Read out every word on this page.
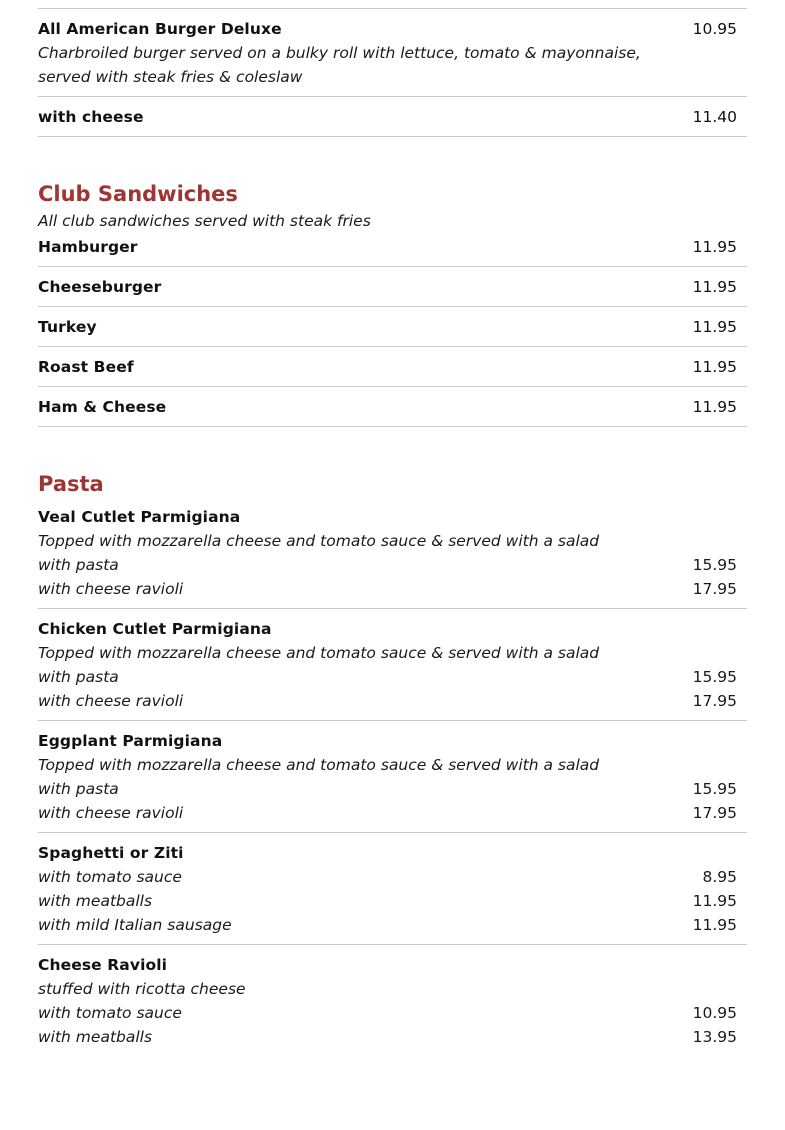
All American Burger Deluxe	10.95
Charbroiled burger served on a bulky roll with lettuce, tomato & mayonnaise, served with steak fries & coleslaw
with cheese	11.40
Club Sandwiches
All club sandwiches served with steak fries
Hamburger	11.95
Cheeseburger	11.95
Turkey	11.95
Roast Beef	11.95
Ham & Cheese	11.95
Pasta
Veal Cutlet Parmigiana
Topped with mozzarella cheese and tomato sauce & served with a salad
with pasta	15.95
with cheese ravioli	17.95
Chicken Cutlet Parmigiana
Topped with mozzarella cheese and tomato sauce & served with a salad
with pasta	15.95
with cheese ravioli	17.95
Eggplant Parmigiana
Topped with mozzarella cheese and tomato sauce & served with a salad
with pasta	15.95
with cheese ravioli	17.95
Spaghetti or Ziti
with tomato sauce	8.95
with meatballs	11.95
with mild Italian sausage	11.95
Cheese Ravioli
stuffed with ricotta cheese
with tomato sauce	10.95
with meatballs	13.95
